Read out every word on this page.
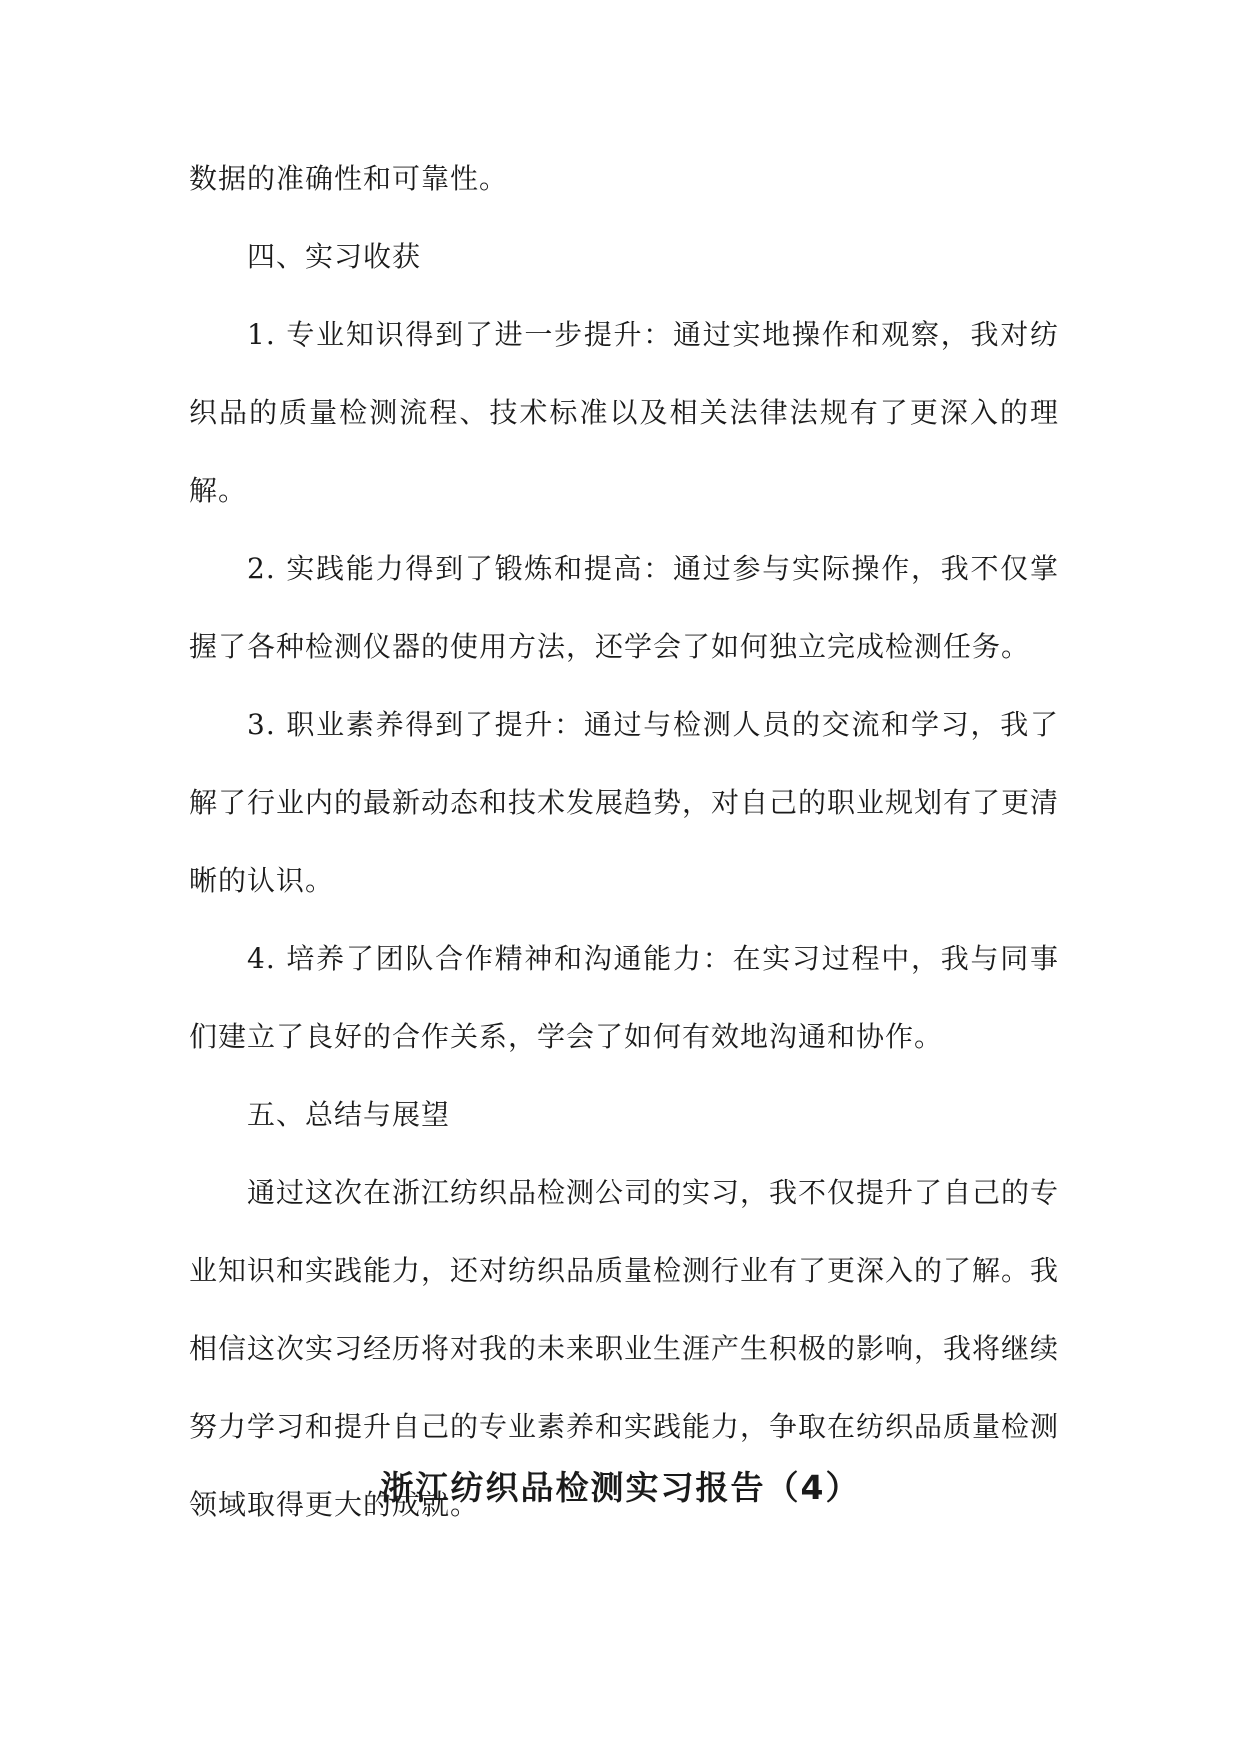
数据的准确性和可靠性。

四、实习收获

1. 专业知识得到了进一步提升：通过实地操作和观察，我对纺织品的质量检测流程、技术标准以及相关法律法规有了更深入的理解。

2. 实践能力得到了锻炼和提高：通过参与实际操作，我不仅掌握了各种检测仪器的使用方法，还学会了如何独立完成检测任务。

3. 职业素养得到了提升：通过与检测人员的交流和学习，我了解了行业内的最新动态和技术发展趋势，对自己的职业规划有了更清晰的认识。

4. 培养了团队合作精神和沟通能力：在实习过程中，我与同事们建立了良好的合作关系，学会了如何有效地沟通和协作。

五、总结与展望

通过这次在浙江纺织品检测公司的实习，我不仅提升了自己的专业知识和实践能力，还对纺织品质量检测行业有了更深入的了解。我相信这次实习经历将对我的未来职业生涯产生积极的影响，我将继续努力学习和提升自己的专业素养和实践能力，争取在纺织品质量检测领域取得更大的成就。

浙江纺织品检测实习报告（4）
